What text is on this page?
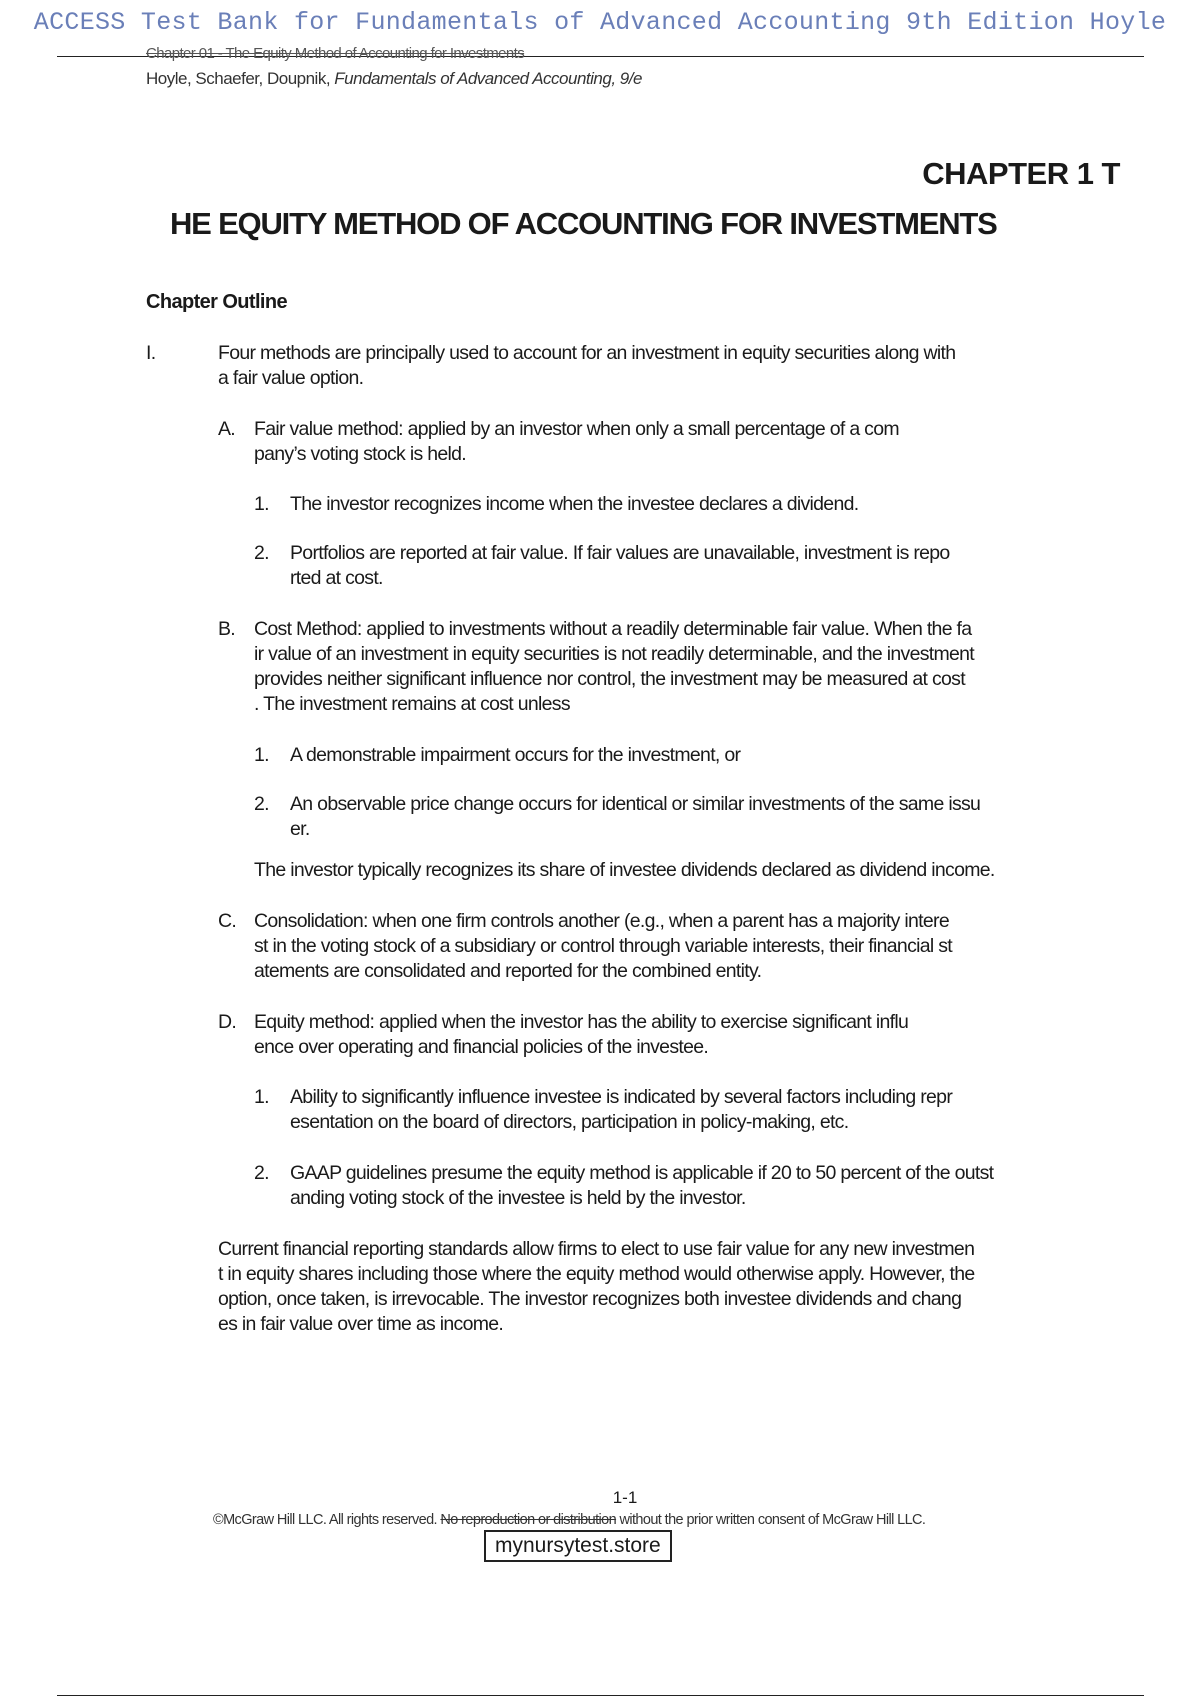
ACCESS Test Bank for Fundamentals of Advanced Accounting 9th Edition Hoyle
Chapter 01 - The Equity Method of Accounting for Investments
Hoyle, Schaefer, Doupnik, Fundamentals of Advanced Accounting, 9/e
CHAPTER 1 T
HE EQUITY METHOD OF ACCOUNTING FOR INVESTMENTS
Chapter Outline
I.	Four methods are principally used to account for an investment in equity securities along with
a fair value option.
A. Fair value method: applied by an investor when only a small percentage of a com
pany’s voting stock is held.
1. The investor recognizes income when the investee declares a dividend.
2. Portfolios are reported at fair value. If fair values are unavailable, investment is repo
rted at cost.
B. Cost Method: applied to investments without a readily determinable fair value. When the fa
ir value of an investment in equity securities is not readily determinable, and the investment
provides neither significant influence nor control, the investment may be measured at cost
. The investment remains at cost unless
1. A demonstrable impairment occurs for the investment, or
2. An observable price change occurs for identical or similar investments of the same issu
er.
The investor typically recognizes its share of investee dividends declared as dividend income.
C. Consolidation: when one firm controls another (e.g., when a parent has a majority intere
st in the voting stock of a subsidiary or control through variable interests, their financial st
atements are consolidated and reported for the combined entity.
D. Equity method: applied when the investor has the ability to exercise significant influ
ence over operating and financial policies of the investee.
1. Ability to significantly influence investee is indicated by several factors including repr
esentation on the board of directors, participation in policy-making, etc.
2. GAAP guidelines presume the equity method is applicable if 20 to 50 percent of the outst
anding voting stock of the investee is held by the investor.
Current financial reporting standards allow firms to elect to use fair value for any new investmen
t in equity shares including those where the equity method would otherwise apply. However, the
option, once taken, is irrevocable. The investor recognizes both investee dividends and chang
es in fair value over time as income.
1-1
©McGraw Hill LLC. All rights reserved. No reproduction or distribution without the prior written consent of McGraw Hill LLC.
mynursytest.store
